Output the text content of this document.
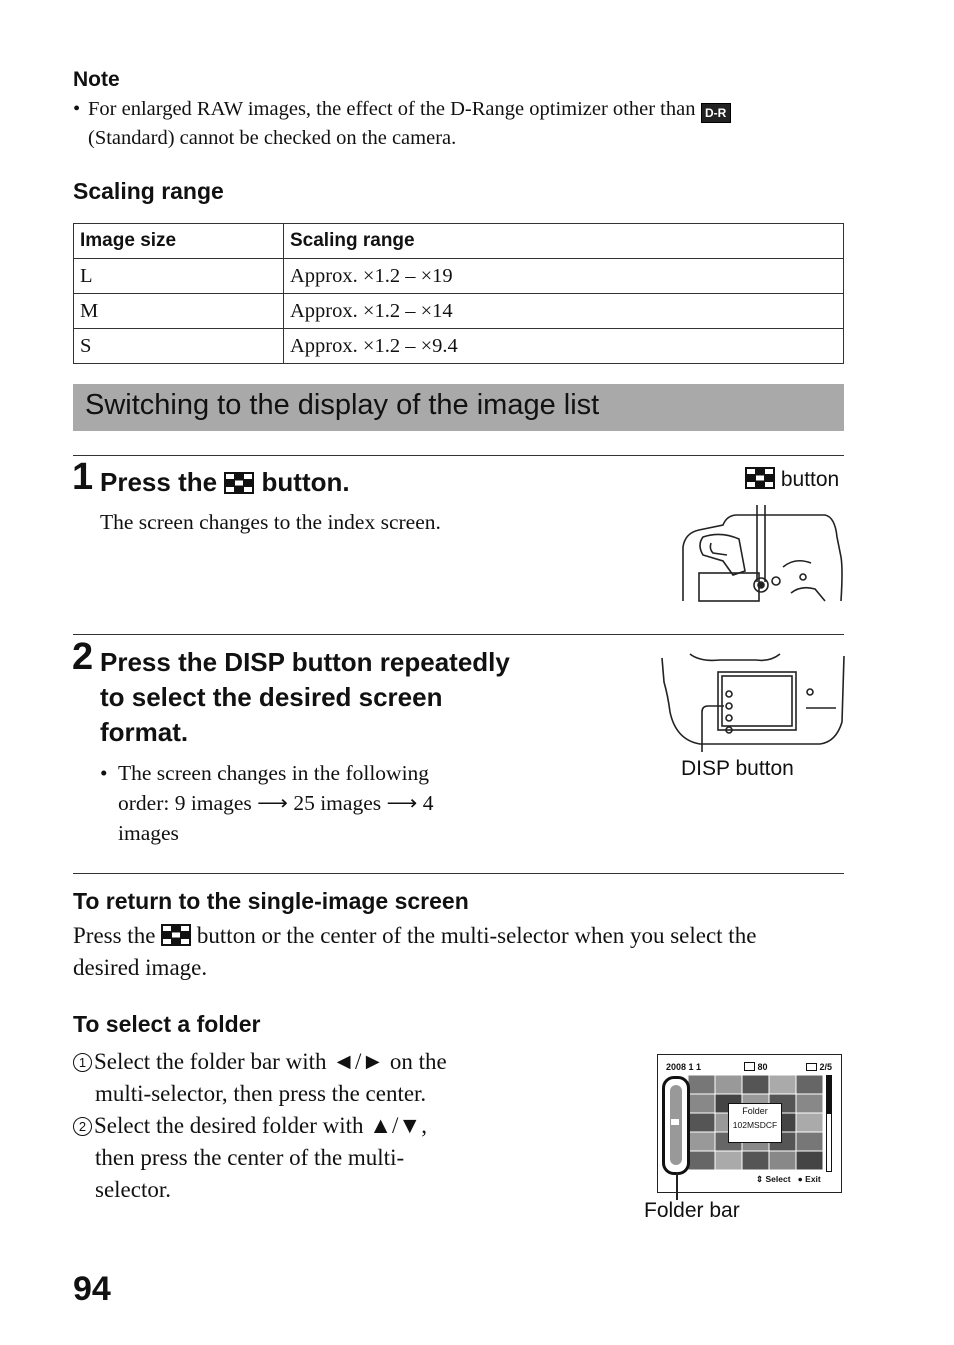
Note
• For enlarged RAW images, the effect of the D-Range optimizer other than D-R
(Standard) cannot be checked on the camera.
Scaling range
Image size	Scaling range
L	Approx. ×1.2 – ×19
M	Approx. ×1.2 – ×14
S	Approx. ×1.2 – ×9.4
Switching to the display of the image list
1 Press the button.
The screen changes to the index screen.
button
2 Press the DISP button repeatedly
to select the desired screen
format.
• The screen changes in the following
order: 9 images ⟶ 25 images ⟶ 4
images
DISP button
To return to the single-image screen
Press the button or the center of the multi-selector when you select the
desired image.
To select a folder
1 Select the folder bar with ◄/► on the
multi-selector, then press the center.
2 Select the desired folder with ▲/▼,
then press the center of the multi-
selector.
2008 1 1	80	2/5
Folder
102MSDCF
⇕ Select ● Exit
Folder bar
94
